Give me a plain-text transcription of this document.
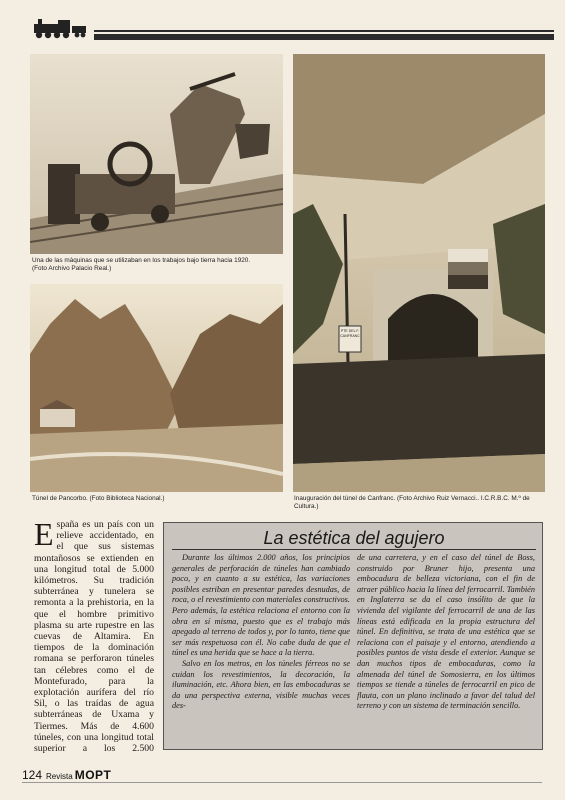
Una de las máquinas que se utilizaban en los trabajos bajo tierra hacia 1920.
(Foto Archivo Palacio Real.)
Túnel de Pancorbo. (Foto Biblioteca Nacional.)
PTE DEL F. CANFRANC
Inauguración del túnel de Canfranc. (Foto Archivo Ruiz Vernacci.. I.C.R.B.C. M.º de Cultura.)
España es un país con un relieve accidentado, en el que sus sistemas montañosos se extienden en una longitud total de 5.000 kilómetros. Su tradición subterránea y tunelera se remonta a la prehistoria, en la que el hombre primitivo plasma su arte rupestre en las cuevas de Altamira. En tiempos de la dominación romana se perforaron túneles tan célebres como el de Montefurado, para la explotación aurífera del río Sil, o las traídas de agua subterráneas de Uxama y Tiermes. Más de 4.600 túneles, con una longitud total superior a los 2.500
La estética del agujero

Durante los últimos 2.000 años, los principios generales de perforación de túneles han cambiado poco, y en cuanto a su estética, las variaciones posibles estriban en presentar paredes desnudas, de roca, o el revestimiento con materiales constructivos. Pero además, la estética relaciona el entorno con la obra en sí misma, puesto que es el trabajo más apegado al terreno de todos y, por lo tanto, tiene que ser más respetuosa con él. No cabe duda de que el túnel es una herida que se hace a la tierra.

Salvo en los metros, en los túneles férreos no se cuidan los revestimientos, la decoración, la iluminación, etc. Ahora bien, en las embocaduras se da una perspectiva externa, visible muchas veces des-

de una carretera, y en el caso del túnel de Boss, construido por Bruner hijo, presenta una embocadura de belleza victoriana, con el fin de atraer público hacia la línea del ferrocarril. También en Inglaterra se da el caso insólito de que la vivienda del vigilante del ferrocarril de una de las líneas está edificada en la propia estructura del túnel. En definitiva, se trata de una estética que se relaciona con el paisaje y el entorno, atendiendo a posibles puntos de vista desde el exterior. Aunque se dan muchos tipos de embocaduras, como la almenada del túnel de Somosierra, en los últimos tiempos se tiende a túneles de ferrocarril en pico de flauta, con un plano inclinado a favor del talud del terreno y con un sistema de terminación sencillo.

124 Revista MOPT
